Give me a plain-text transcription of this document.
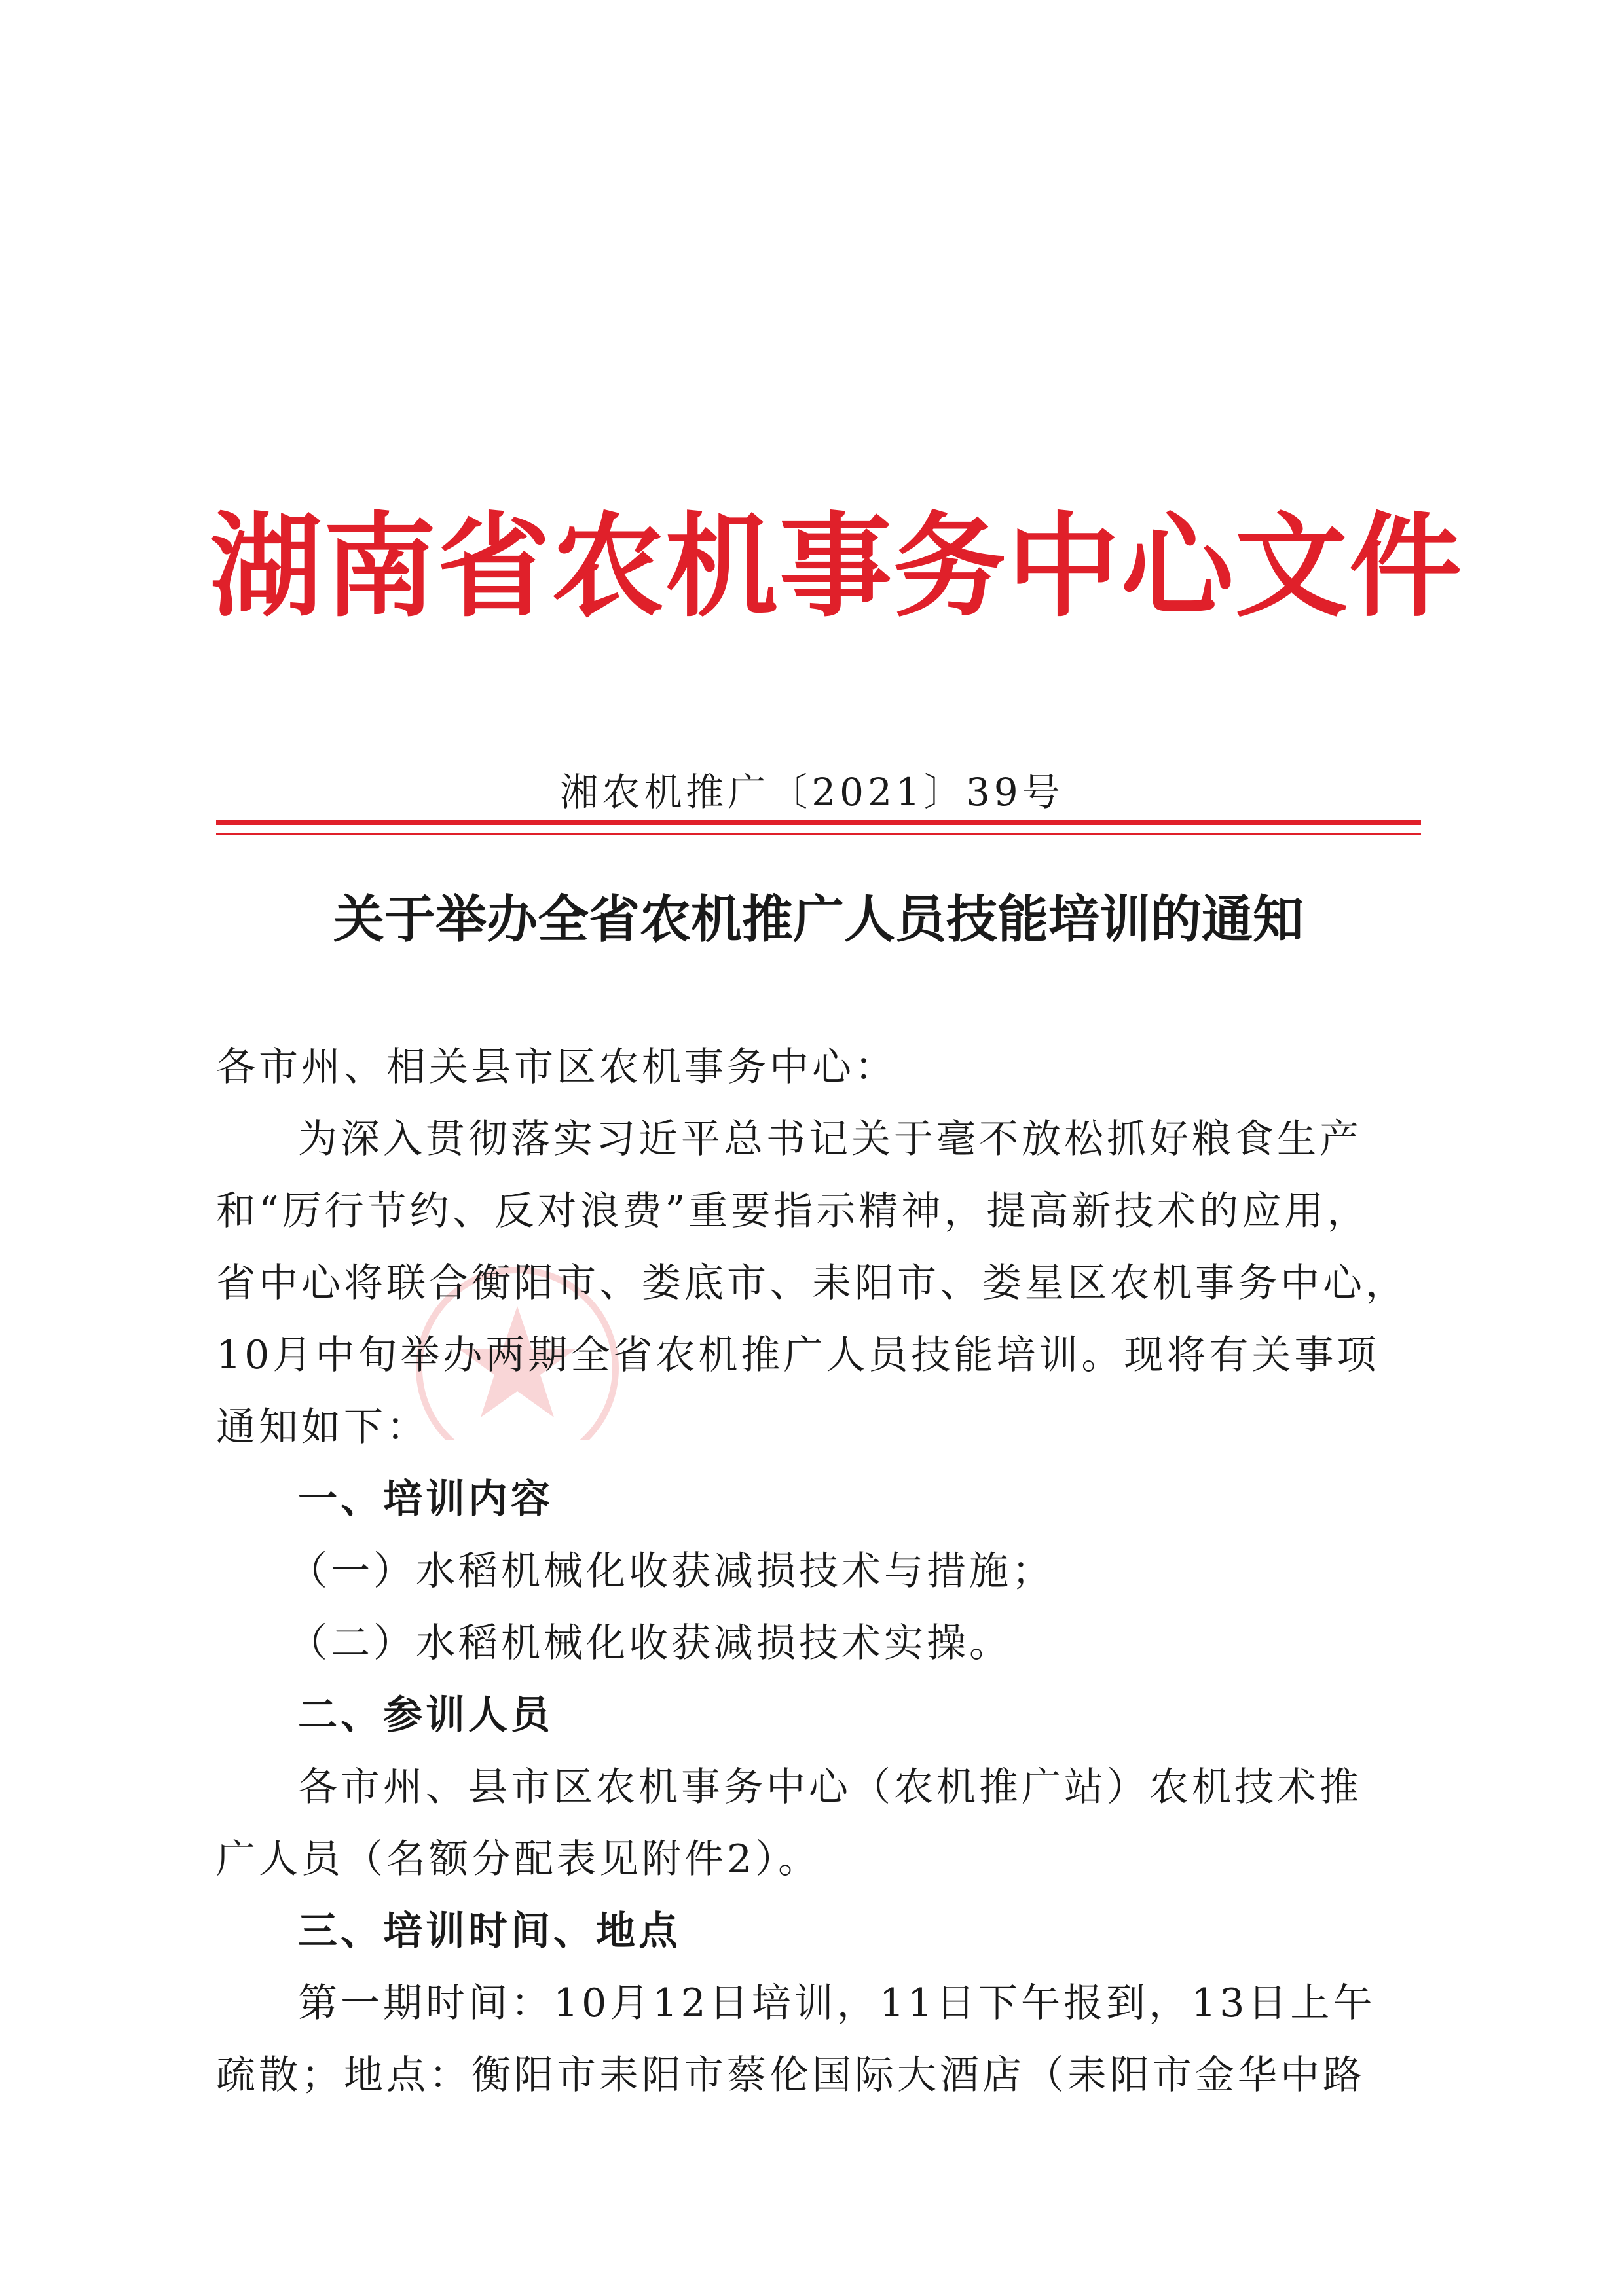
湖南省农机事务中心文件
湘农机推广〔2021〕39号
关于举办全省农机推广人员技能培训的通知
各市州、相关县市区农机事务中心：
为深入贯彻落实习近平总书记关于毫不放松抓好粮食生产
和“厉行节约、反对浪费”重要指示精神，提高新技术的应用，
省中心将联合衡阳市、娄底市、耒阳市、娄星区农机事务中心，
10月中旬举办两期全省农机推广人员技能培训。现将有关事项
通知如下：
一、培训内容
（一）水稻机械化收获减损技术与措施；
（二）水稻机械化收获减损技术实操。
二、参训人员
各市州、县市区农机事务中心（农机推广站）农机技术推
广人员（名额分配表见附件2）。
三、培训时间、地点
第一期时间：10月12日培训，11日下午报到，13日上午
疏散；地点：衡阳市耒阳市蔡伦国际大酒店（耒阳市金华中路
